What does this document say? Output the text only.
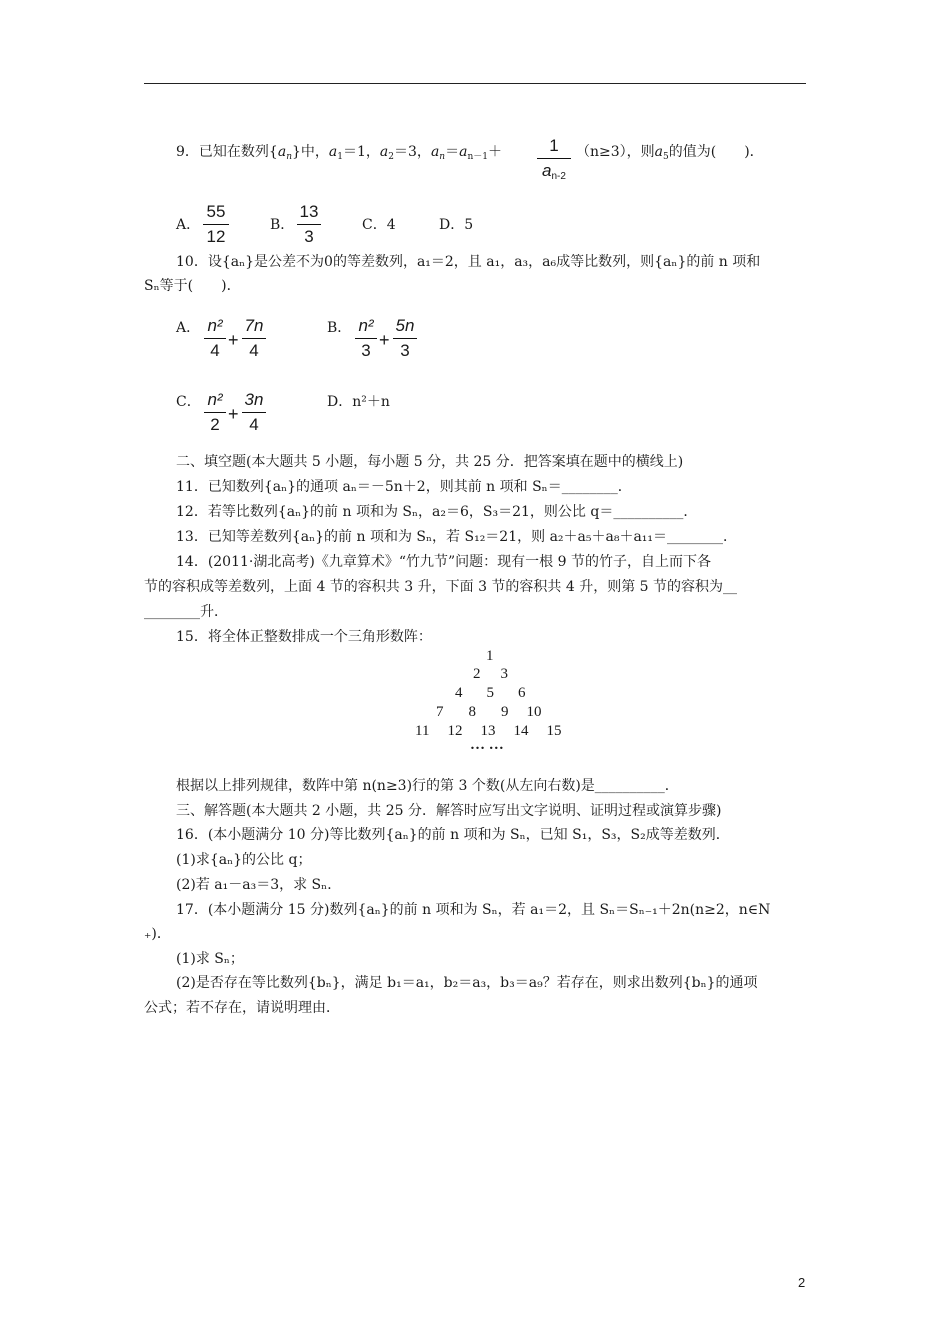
9．已知在数列$\{a_n\}$中，$a_1=1$，$a_2=3$，$a_n=a_{n-1}+$	1
$a_{n-2}$
（n≥3），则$a_5$的值为(　　)．
A．
55
12
B．
13
3
C．4	D．5
10．设{aₙ}是公差不为0的等差数列，a₁＝2，且 a₁，a₃，a₆成等比数列，则{aₙ}的前 n 项和
Sₙ等于(　　)．
A． n²
4
+
7n
4
B． n²
3
+
5n
3
C． n²
2
+
3n
4
D．n²＋n
二、填空题(本大题共 5 小题，每小题 5 分，共 25 分．把答案填在题中的横线上)
11．已知数列{aₙ}的通项 aₙ＝－5n＋2，则其前 n 项和 Sₙ＝________．
12．若等比数列{aₙ}的前 n 项和为 Sₙ，a₂＝6，S₃＝21，则公比 q＝__________．
13．已知等差数列{aₙ}的前 n 项和为 Sₙ，若 S₁₂＝21，则 a₂＋a₅＋a₈＋a₁₁＝________．
14．(2011·湖北高考)《九章算术》“竹九节”问题：现有一根 9 节的竹子，自上而下各
节的容积成等差数列，上面 4 节的容积共 3 升，下面 3 节的容积共 4 升，则第 5 节的容积为__
________升．
15．将全体正整数排成一个三角形数阵：
1
2 3
4 5 6
7 8 9 10
11 12 13 14 15
… …
根据以上排列规律，数阵中第 n(n≥3)行的第 3 个数(从左向右数)是__________．
三、解答题(本大题共 2 小题，共 25 分．解答时应写出文字说明、证明过程或演算步骤)
16．(本小题满分 10 分)等比数列{aₙ}的前 n 项和为 Sₙ，已知 S₁，S₃，S₂成等差数列．
(1)求{aₙ}的公比 q；
(2)若 a₁－a₃＝3，求 Sₙ．
17．(本小题满分 15 分)数列{aₙ}的前 n 项和为 Sₙ，若 a₁＝2，且 Sₙ＝Sₙ₋₁＋2n(n≥2，n∈N
₊)．
(1)求 Sₙ；
(2)是否存在等比数列{bₙ}，满足 b₁＝a₁，b₂＝a₃，b₃＝a₉？若存在，则求出数列{bₙ}的通项
公式；若不存在，请说明理由．
2
